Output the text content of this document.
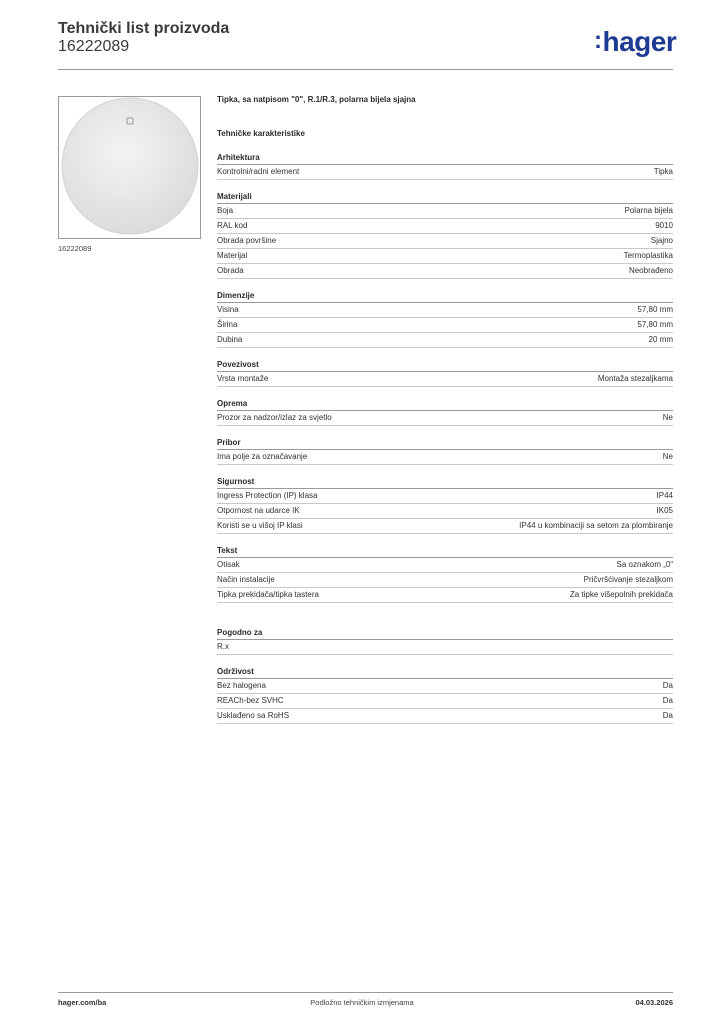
Tehnički list proizvoda
16222089	:hager
16222089
Tipka, sa natpisom "0", R.1/R.3, polarna bijela sjajna
Tehničke karakteristike
Arhitektura
Kontrolni/radni element	Tipka
Materijali
Boja	Polarna bijela
RAL kod	9010
Obrada površine	Sjajno
Materijal	Termoplastika
Obrada	Neobrađeno
Dimenzije
Visina	57,80 mm
Širina	57,80 mm
Dubina	20 mm
Povezivost
Vrsta montaže	Montaža stezaljkama
Oprema
Prozor za nadzor/izlaz za svjetlo	Ne
Pribor
Ima polje za označavanje	Ne
Sigurnost
Ingress Protection (IP) klasa	IP44
Otpornost na udarce IK	IK05
Koristi se u višoj IP klasi	IP44 u kombinaciji sa setom za plombiranje
Tekst
Otisak	Sa oznakom „0“
Način instalacije	Pričvršćivanje stezaljkom
Tipka prekidača/tipka tastera	Za tipke višepolnih prekidača
Pogodno za
R.x
Održivost
Bez halogena	Da
REACh-bez SVHC	Da
Usklađeno sa RoHS	Da
hager.com/ba	Podložno tehničkim izmjenama	04.03.2026
